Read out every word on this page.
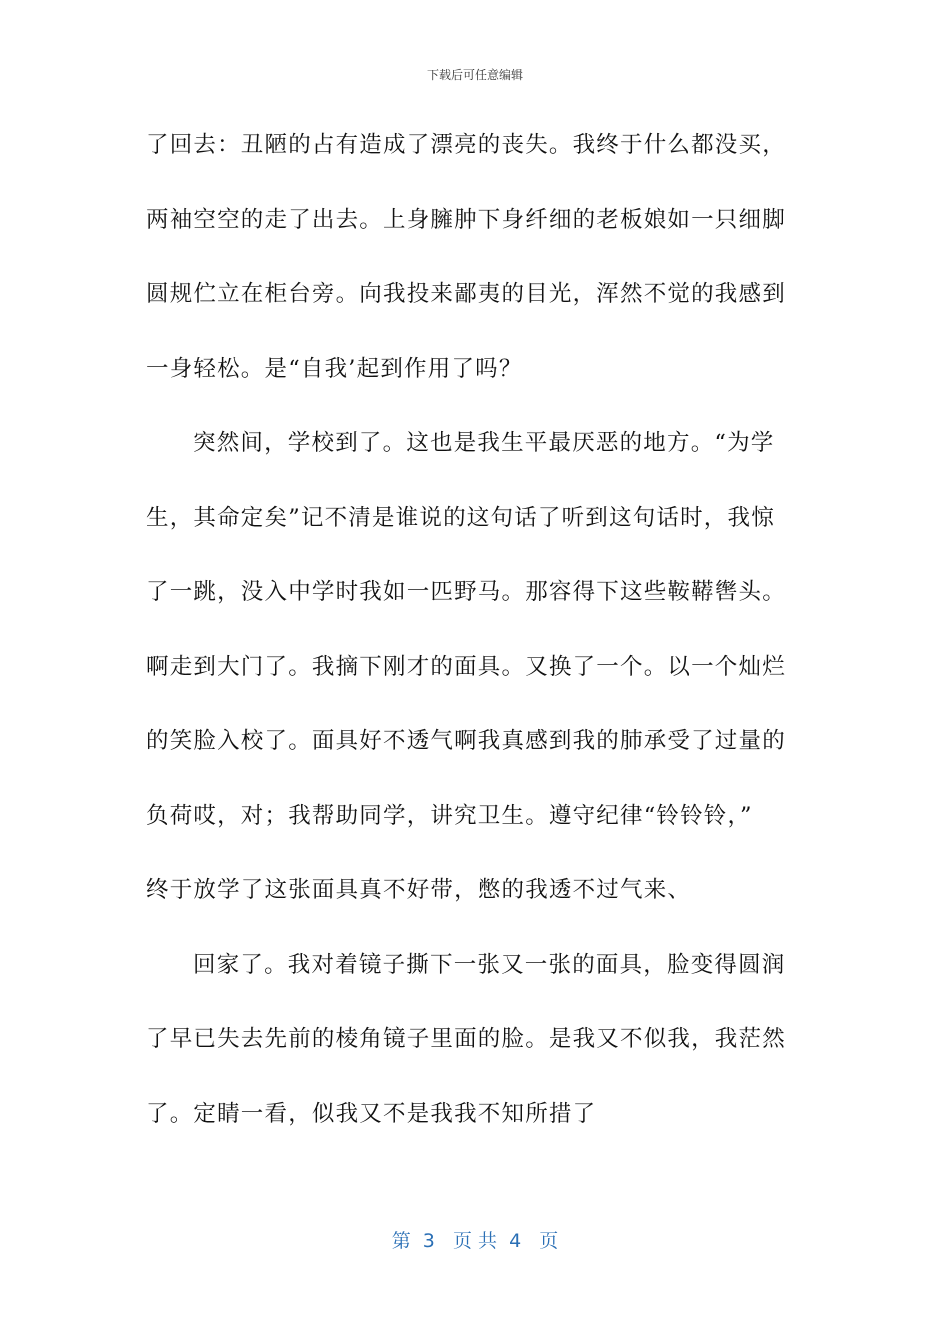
下载后可任意编辑
了回去：丑陋的占有造成了漂亮的丧失。我终于什么都没买，
两袖空空的走了出去。上身臃肿下身纤细的老板娘如一只细脚
圆规伫立在柜台旁。向我投来鄙夷的目光，浑然不觉的我感到
一身轻松。是“自我’起到作用了吗？
突然间，学校到了。这也是我生平最厌恶的地方。“为学
生，其命定矣”记不清是谁说的这句话了听到这句话时，我惊
了一跳，没入中学时我如一匹野马。那容得下这些鞍鞯辔头。
啊走到大门了。我摘下刚才的面具。又换了一个。以一个灿烂
的笑脸入校了。面具好不透气啊我真感到我的肺承受了过量的
负荷哎，对；我帮助同学，讲究卫生。遵守纪律“铃铃铃，”
终于放学了这张面具真不好带，憋的我透不过气来、
回家了。我对着镜子撕下一张又一张的面具，脸变得圆润
了早已失去先前的棱角镜子里面的脸。是我又不似我，我茫然
了。定睛一看，似我又不是我我不知所措了
第  3   页 共  4   页
